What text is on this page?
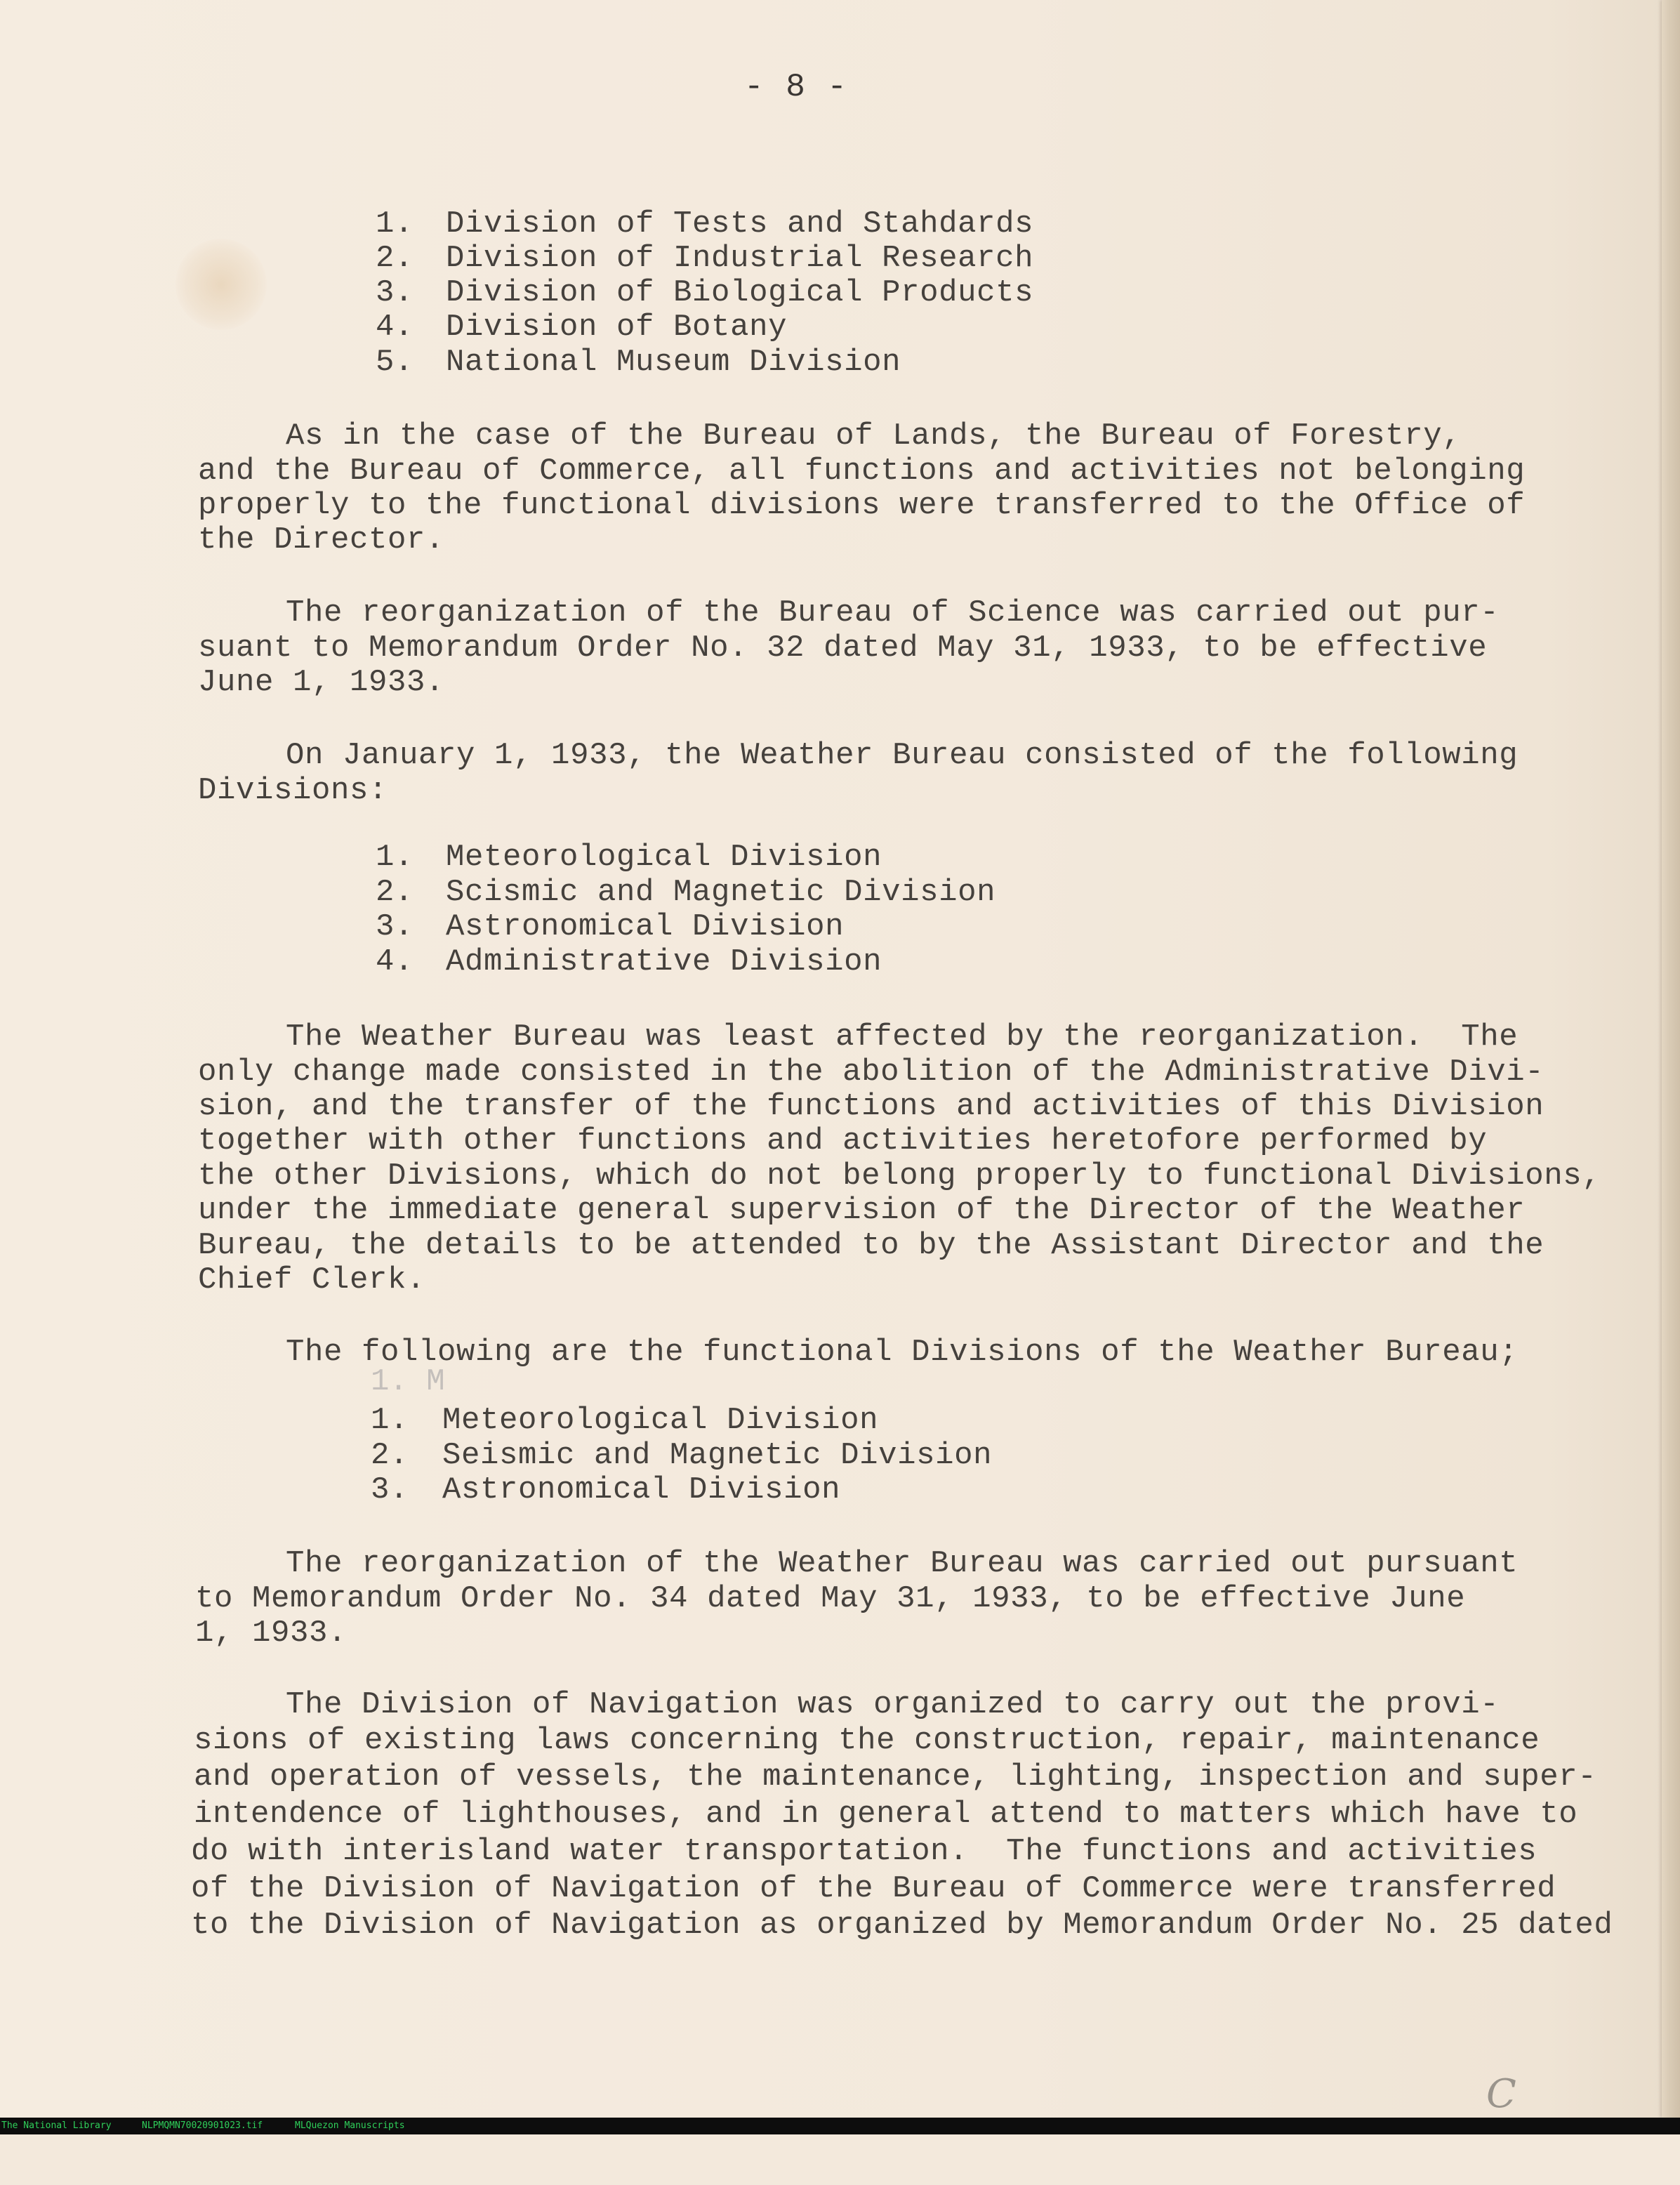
- 8 -
1. Division of Tests and Stahdards
2. Division of Industrial Research
3. Division of Biological Products
4. Division of Botany
5. National Museum Division
As in the case of the Bureau of Lands, the Bureau of Forestry,
and the Bureau of Commerce, all functions and activities not belonging
properly to the functional divisions were transferred to the Office of
the Director.
The reorganization of the Bureau of Science was carried out pur-
suant to Memorandum Order No. 32 dated May 31, 1933, to be effective
June 1, 1933.
On January 1, 1933, the Weather Bureau consisted of the following
Divisions:
1. Meteorological Division
2. Scismic and Magnetic Division
3. Astronomical Division
4. Administrative Division
The Weather Bureau was least affected by the reorganization.  The
only change made consisted in the abolition of the Administrative Divi-
sion, and the transfer of the functions and activities of this Division
together with other functions and activities heretofore performed by
the other Divisions, which do not belong properly to functional Divisions,
under the immediate general supervision of the Director of the Weather
Bureau, the details to be attended to by the Assistant Director and the
Chief Clerk.
The following are the functional Divisions of the Weather Bureau;
1. M
1. Meteorological Division
2. Seismic and Magnetic Division
3. Astronomical Division
The reorganization of the Weather Bureau was carried out pursuant
to Memorandum Order No. 34 dated May 31, 1933, to be effective June
1, 1933.
The Division of Navigation was organized to carry out the provi-
sions of existing laws concerning the construction, repair, maintenance
and operation of vessels, the maintenance, lighting, inspection and super-
intendence of lighthouses, and in general attend to matters which have to
do with interisland water transportation.  The functions and activities
of the Division of Navigation of the Bureau of Commerce were transferred
to the Division of Navigation as organized by Memorandum Order No. 25 dated
C

The National Library

	NLPMQMN70020901023.tif

	MLQuezon Manuscripts
